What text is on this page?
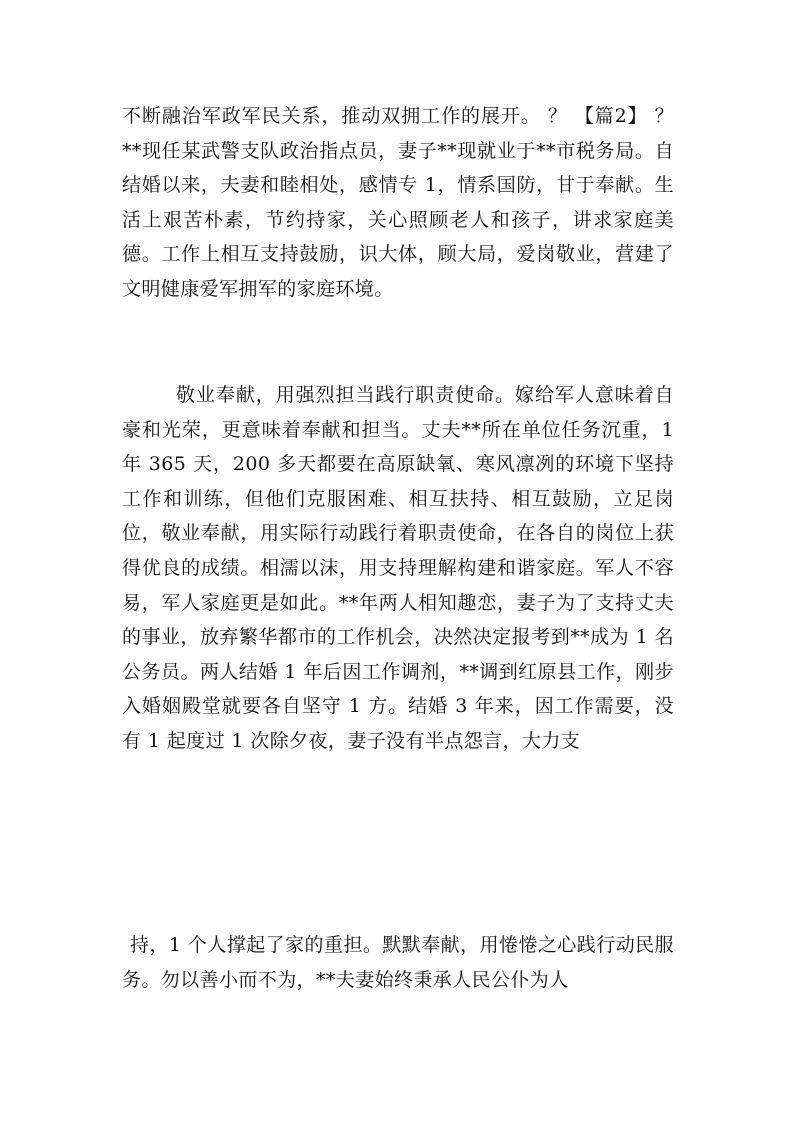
不断融治军政军民关系，推动双拥工作的展开。 ？ 【篇2】 ？ **现任某武警支队政治指点员，妻子**现就业于**市税务局。自结婚以来，夫妻和睦相处，感情专 1，情系国防，甘于奉献。生活上艰苦朴素，节约持家，关心照顾老人和孩子，讲求家庭美德。工作上相互支持鼓励，识大体，顾大局，爱岗敬业，营建了文明健康爱军拥军的家庭环境。

敬业奉献，用强烈担当践行职责使命。嫁给军人意味着自豪和光荣，更意味着奉献和担当。丈夫**所在单位任务沉重，1 年 365 天，200 多天都要在高原缺氧、寒风凛冽的环境下坚持工作和训练，但他们克服困难、相互扶持、相互鼓励，立足岗位，敬业奉献，用实际行动践行着职责使命，在各自的岗位上获得优良的成绩。相濡以沫，用支持理解构建和谐家庭。军人不容易，军人家庭更是如此。**年两人相知趣恋，妻子为了支持丈夫的事业，放弃繁华都市的工作机会，决然决定报考到**成为 1 名公务员。两人结婚 1 年后因工作调剂，**调到红原县工作，刚步入婚姻殿堂就要各自坚守 1 方。结婚 3 年来，因工作需要，没有 1 起度过 1 次除夕夜，妻子没有半点怨言，大力支

持，1 个人撑起了家的重担。默默奉献，用惓惓之心践行动民服务。勿以善小而不为，**夫妻始终秉承人民公仆为人
